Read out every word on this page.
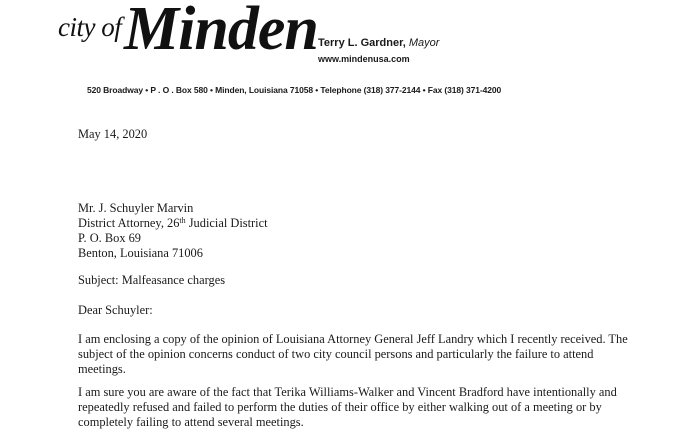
city of Minden Terry L. Gardner, Mayor
www.mindenusa.com
520 Broadway • P . O . Box 580 • Minden, Louisiana 71058 • Telephone (318) 377-2144 • Fax (318) 371-4200
May 14, 2020
Mr. J. Schuyler Marvin
District Attorney, 26th Judicial District
P. O. Box 69
Benton, Louisiana 71006
Subject: Malfeasance charges
Dear Schuyler:
I am enclosing a copy of the opinion of Louisiana Attorney General Jeff Landry which I recently received. The
subject of the opinion concerns conduct of two city council persons and particularly the failure to attend
meetings.
I am sure you are aware of the fact that Terika Williams-Walker and Vincent Bradford have intentionally and
repeatedly refused and failed to perform the duties of their office by either walking out of a meeting or by
completely failing to attend several meetings.
